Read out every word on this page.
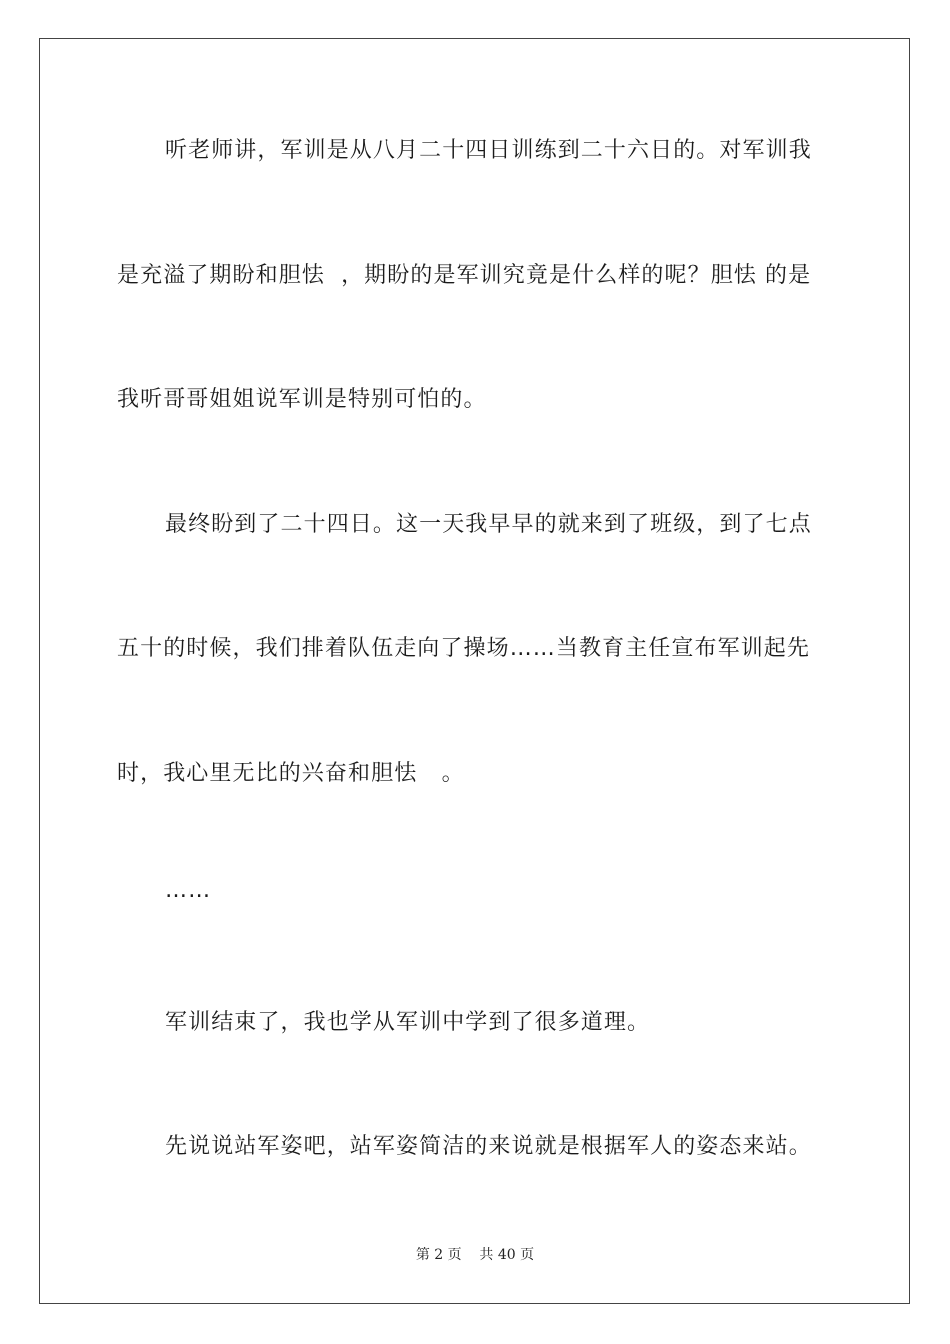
听老师讲，军训是从八月二十四日训练到二十六日的。对军训我
是充溢了期盼和胆怯  ，期盼的是军训究竟是什么样的呢？胆怯 的是
我听哥哥姐姐说军训是特别可怕的。
最终盼到了二十四日。这一天我早早的就来到了班级，到了七点
五十的时候，我们排着队伍走向了操场……当教育主任宣布军训起先
时，我心里无比的兴奋和胆怯   。
……
军训结束了，我也学从军训中学到了很多道理。
先说说站军姿吧，站军姿简洁的来说就是根据军人的姿态来站。
第 2 页    共 40 页
